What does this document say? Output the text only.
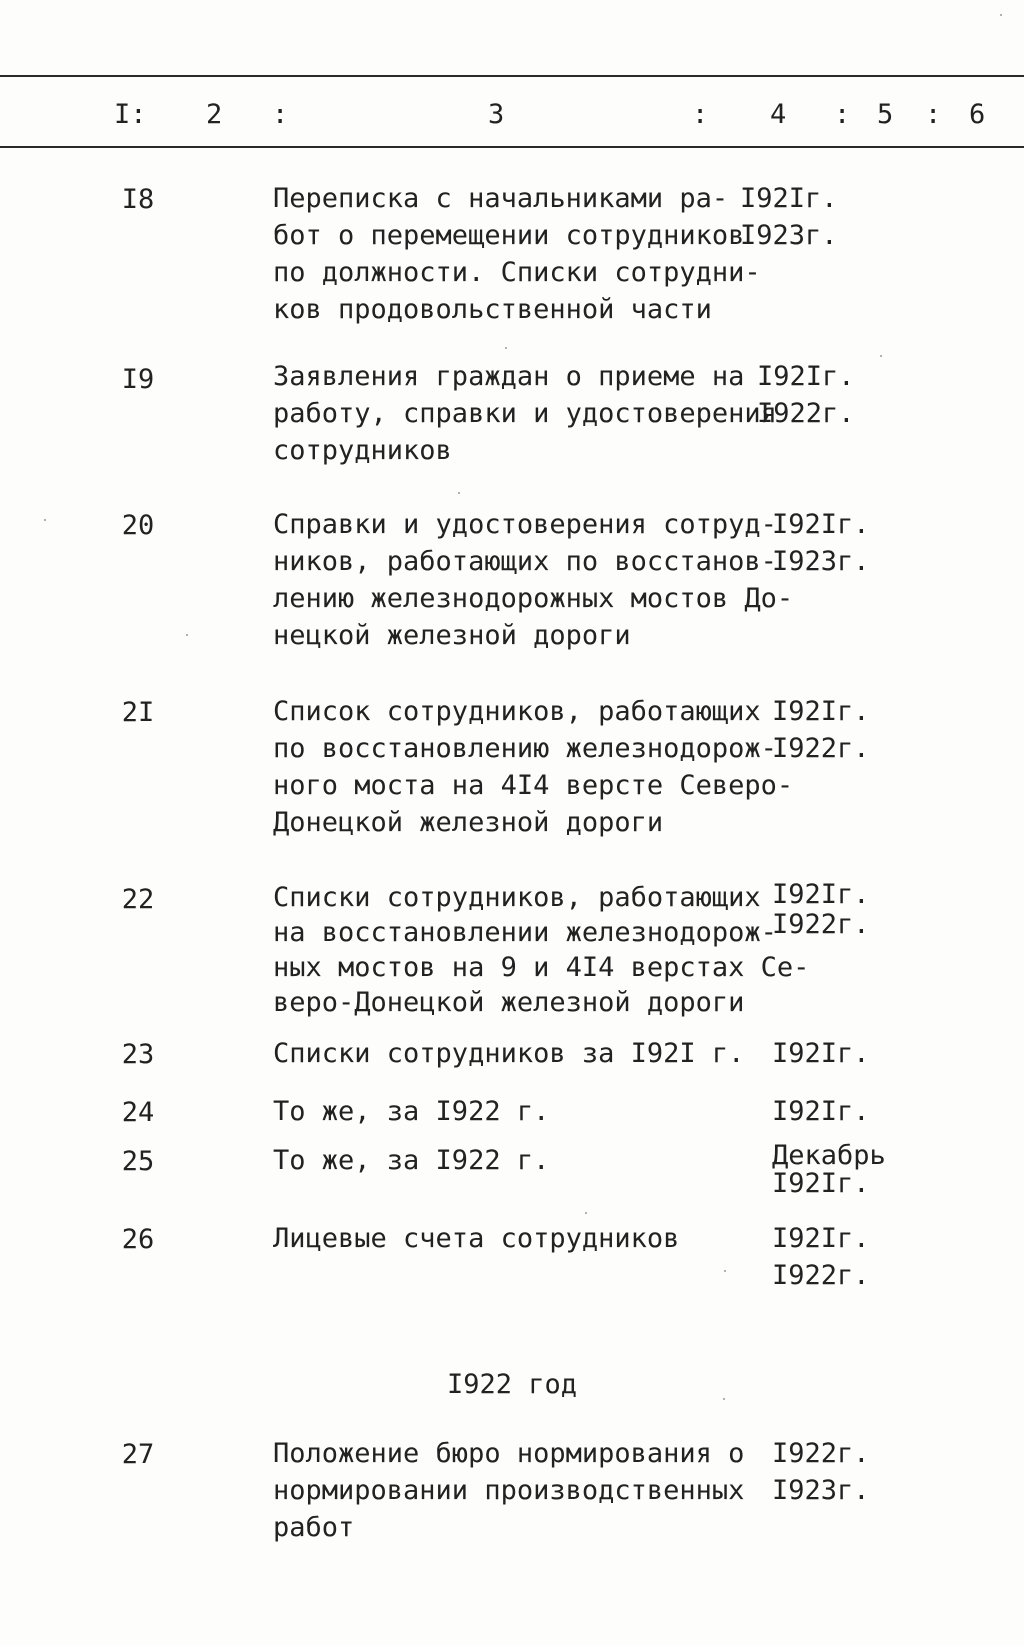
I: 2 :	3	: 4 : 5 : 6
I8	Переписка с начальниками ра-
бот о перемещении сотрудников
по должности. Списки сотрудни-
ков продовольственной части
I92Iг.
I923г.
I9	Заявления граждан о приеме на
работу, справки и удостоверения
сотрудников
I92Iг.
I922г.
20	Справки и удостоверения сотруд-
ников, работающих по восстанов-
лению железнодорожных мостов До-
нецкой железной дороги
I92Iг.
I923г.
2I	Список сотрудников, работающих
по восстановлению железнодорож-
ного моста на 4I4 версте Северо-
Донецкой железной дороги
I92Iг.
I922г.
22	Списки сотрудников, работающих
на восстановлении железнодорож-
ных мостов на 9 и 4I4 верстах Се-
веро-Донецкой железной дороги
I92Iг.
I922г.
23	Списки сотрудников за I92I г.	I92Iг.
24	То же, за I922 г.	I92Iг.
25	То же, за I922 г.	Декабрь
I92Iг.
26	Лицевые счета сотрудников	I92Iг.
I922г.
I922 год
27	Положение бюро нормирования о
нормировании производственных
работ
I922г.
I923г.
